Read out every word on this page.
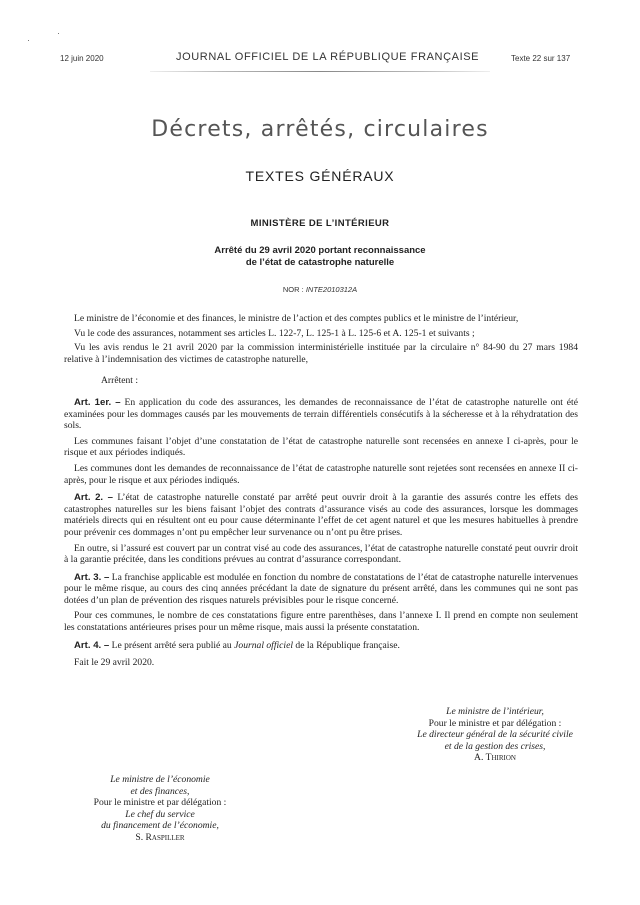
12 juin 2020	JOURNAL OFFICIEL DE LA RÉPUBLIQUE FRANÇAISE	Texte 22 sur 137
Décrets, arrêtés, circulaires
TEXTES GÉNÉRAUX
MINISTÈRE DE L’INTÉRIEUR
Arrêté du 29 avril 2020 portant reconnaissance
de l’état de catastrophe naturelle
NOR : INTE2010312A

Le ministre de l’économie et des finances, le ministre de l’action et des comptes publics et le ministre de l’intérieur,

Vu le code des assurances, notamment ses articles L. 122-7, L. 125-1 à L. 125-6 et A. 125-1 et suivants ;

Vu les avis rendus le 21 avril 2020 par la commission interministérielle instituée par la circulaire n° 84-90 du 27 mars 1984 relative à l’indemnisation des victimes de catastrophe naturelle,

Arrêtent :

Art. 1er. – En application du code des assurances, les demandes de reconnaissance de l’état de catastrophe naturelle ont été examinées pour les dommages causés par les mouvements de terrain différentiels consécutifs à la sécheresse et à la réhydratation des sols.

Les communes faisant l’objet d’une constatation de l’état de catastrophe naturelle sont recensées en annexe I ci-après, pour le risque et aux périodes indiqués.

Les communes dont les demandes de reconnaissance de l’état de catastrophe naturelle sont rejetées sont recensées en annexe II ci-après, pour le risque et aux périodes indiqués.

Art. 2. – L’état de catastrophe naturelle constaté par arrêté peut ouvrir droit à la garantie des assurés contre les effets des catastrophes naturelles sur les biens faisant l’objet des contrats d’assurance visés au code des assurances, lorsque les dommages matériels directs qui en résultent ont eu pour cause déterminante l’effet de cet agent naturel et que les mesures habituelles à prendre pour prévenir ces dommages n’ont pu empêcher leur survenance ou n’ont pu être prises.

En outre, si l’assuré est couvert par un contrat visé au code des assurances, l’état de catastrophe naturelle constaté peut ouvrir droit à la garantie précitée, dans les conditions prévues au contrat d’assurance correspondant.

Art. 3. – La franchise applicable est modulée en fonction du nombre de constatations de l’état de catastrophe naturelle intervenues pour le même risque, au cours des cinq années précédant la date de signature du présent arrêté, dans les communes qui ne sont pas dotées d’un plan de prévention des risques naturels prévisibles pour le risque concerné.

Pour ces communes, le nombre de ces constatations figure entre parenthèses, dans l’annexe I. Il prend en compte non seulement les constatations antérieures prises pour un même risque, mais aussi la présente constatation.

Art. 4. – Le présent arrêté sera publié au Journal officiel de la République française.

Fait le 29 avril 2020.

Le ministre de l’intérieur,
Pour le ministre et par délégation :
Le directeur général de la sécurité civile
et de la gestion des crises,
A. Thirion
Le ministre de l’économie
et des finances,
Pour le ministre et par délégation :
Le chef du service
du financement de l’économie,
S. Raspiller
